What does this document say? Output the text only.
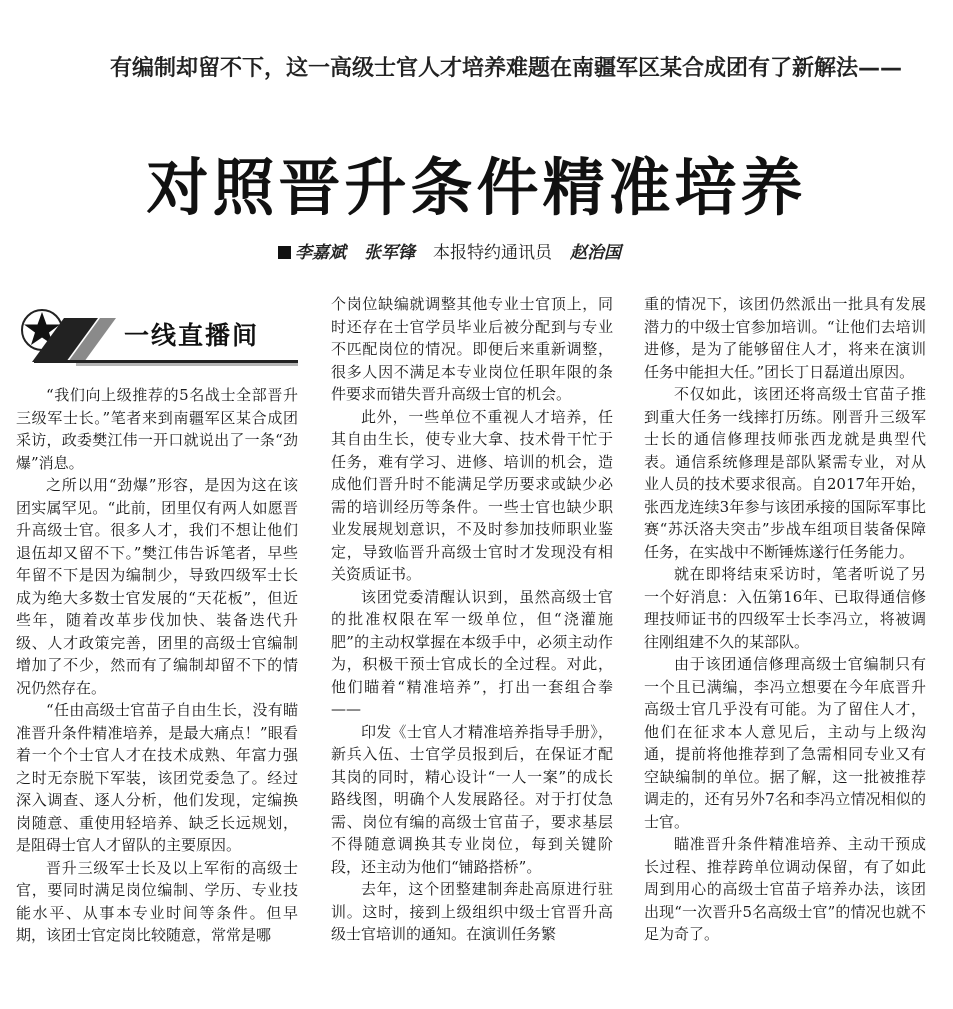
有编制却留不下，这一高级士官人才培养难题在南疆军区某合成团有了新解法——
对照晋升条件精准培养
李嘉斌 张军锋 本报特约通讯员 赵治国
一线直播间

“我们向上级推荐的5名战士全部晋升三级军士长。”笔者来到南疆军区某合成团采访，政委樊江伟一开口就说出了一条“劲爆”消息。

之所以用“劲爆”形容，是因为这在该团实属罕见。“此前，团里仅有两人如愿晋升高级士官。很多人才，我们不想让他们退伍却又留不下。”樊江伟告诉笔者，早些年留不下是因为编制少，导致四级军士长成为绝大多数士官发展的“天花板”，但近些年，随着改革步伐加快、装备迭代升级、人才政策完善，团里的高级士官编制增加了不少，然而有了编制却留不下的情况仍然存在。

“任由高级士官苗子自由生长，没有瞄准晋升条件精准培养，是最大痛点！”眼看着一个个士官人才在技术成熟、年富力强之时无奈脱下军装，该团党委急了。经过深入调查、逐人分析，他们发现，定编换岗随意、重使用轻培养、缺乏长远规划，是阻碍士官人才留队的主要原因。

晋升三级军士长及以上军衔的高级士官，要同时满足岗位编制、学历、专业技能水平、从事本专业时间等条件。但早期，该团士官定岗比较随意，常常是哪

个岗位缺编就调整其他专业士官顶上，同时还存在士官学员毕业后被分配到与专业不匹配岗位的情况。即便后来重新调整，很多人因不满足本专业岗位任职年限的条件要求而错失晋升高级士官的机会。

此外，一些单位不重视人才培养，任其自由生长，使专业大拿、技术骨干忙于任务，难有学习、进修、培训的机会，造成他们晋升时不能满足学历要求或缺少必需的培训经历等条件。一些士官也缺少职业发展规划意识，不及时参加技师职业鉴定，导致临晋升高级士官时才发现没有相关资质证书。

该团党委清醒认识到，虽然高级士官的批准权限在军一级单位，但“浇灌施肥”的主动权掌握在本级手中，必须主动作为，积极干预士官成长的全过程。对此，他们瞄着“精准培养”，打出一套组合拳——

印发《士官人才精准培养指导手册》，新兵入伍、士官学员报到后，在保证才配其岗的同时，精心设计“一人一案”的成长路线图，明确个人发展路径。对于打仗急需、岗位有编的高级士官苗子，要求基层不得随意调换其专业岗位，每到关键阶段，还主动为他们“铺路搭桥”。

去年，这个团整建制奔赴高原进行驻训。这时，接到上级组织中级士官晋升高级士官培训的通知。在演训任务繁

重的情况下，该团仍然派出一批具有发展潜力的中级士官参加培训。“让他们去培训进修，是为了能够留住人才，将来在演训任务中能担大任。”团长丁日磊道出原因。

不仅如此，该团还将高级士官苗子推到重大任务一线摔打历练。刚晋升三级军士长的通信修理技师张西龙就是典型代表。通信系统修理是部队紧需专业，对从业人员的技术要求很高。自2017年开始，张西龙连续3年参与该团承接的国际军事比赛“苏沃洛夫突击”步战车组项目装备保障任务，在实战中不断锤炼遂行任务能力。

就在即将结束采访时，笔者听说了另一个好消息：入伍第16年、已取得通信修理技师证书的四级军士长李冯立，将被调往刚组建不久的某部队。

由于该团通信修理高级士官编制只有一个且已满编，李冯立想要在今年底晋升高级士官几乎没有可能。为了留住人才，他们在征求本人意见后，主动与上级沟通，提前将他推荐到了急需相同专业又有空缺编制的单位。据了解，这一批被推荐调走的，还有另外7名和李冯立情况相似的士官。

瞄准晋升条件精准培养、主动干预成长过程、推荐跨单位调动保留，有了如此周到用心的高级士官苗子培养办法，该团出现“一次晋升5名高级士官”的情况也就不足为奇了。
